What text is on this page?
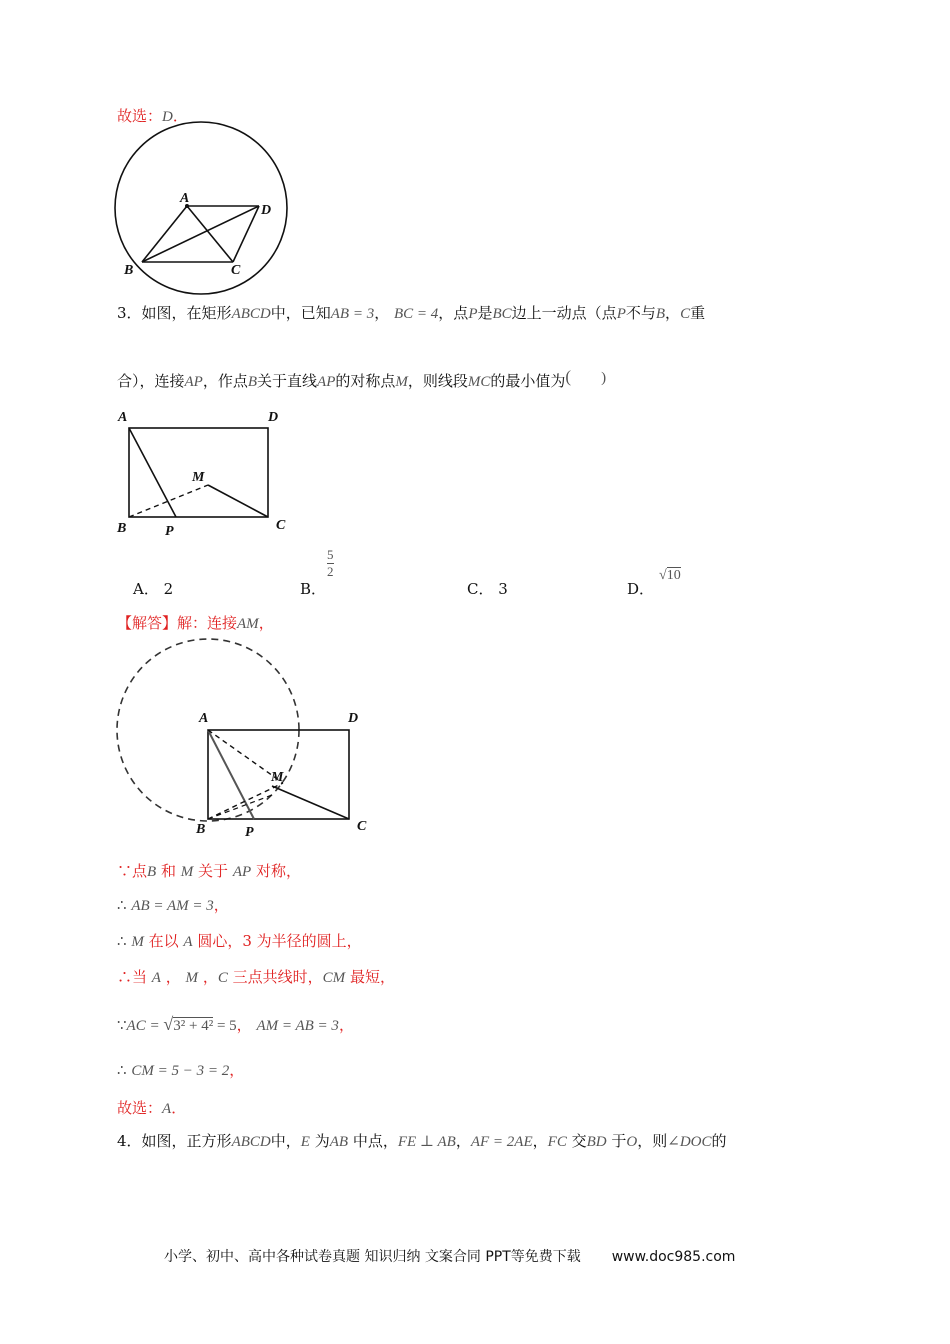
故选：D．
A
D
B	C
A	D
M
B	P	C
A	D
M
B	P	C
3．如图，在矩形ABCD中，已知AB = 3， BC = 4，点P是BC边上一动点（点P不与B，C重
合），连接AP，作点B关于直线AP的对称点M，则线段MC的最小值为( )
A． 2	B．
$\frac{5}{2}$
C． 3	D．
√10
【解答】解：连接AM，
∵点B 和 M 关于 AP 对称，
∴ AB = AM = 3，
∴ M 在以 A 圆心，3 为半径的圆上，
∴当 A ， M ，C 三点共线时，CM 最短，
∵AC = √3² + 4² = 5， AM = AB = 3，
∴ CM = 5 − 3 = 2，
故选：A．
4．如图，正方形ABCD中，E 为AB 中点，FE ⊥ AB，AF = 2AE，FC 交BD 于O，则∠DOC的
小学、初中、高中各种试卷真题 知识归纳 文案合同 PPT等免费下载 www.doc985.com
